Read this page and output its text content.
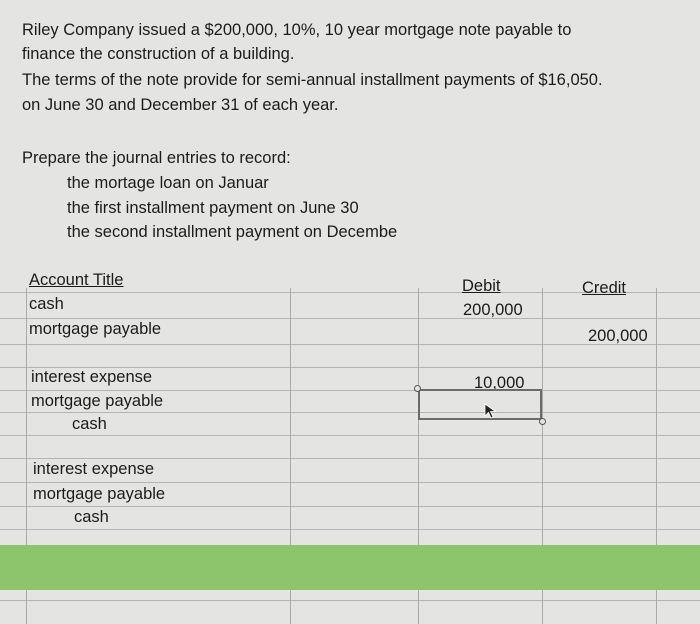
Riley Company issued a $200,000, 10%, 10 year mortgage note payable to
finance the construction of a building.
The terms of the note provide for semi-annual installment payments of $16,050.
on June 30 and December 31 of each year.
Prepare the journal entries to record:
the mortage loan on Januar
the first installment payment on June 30
the second installment payment on Decembe
Account Title	Debit	Credit
cash
mortgage payable
200,000
200,000
interest expense
mortgage payable
cash
10,000
interest expense
mortgage payable
cash
